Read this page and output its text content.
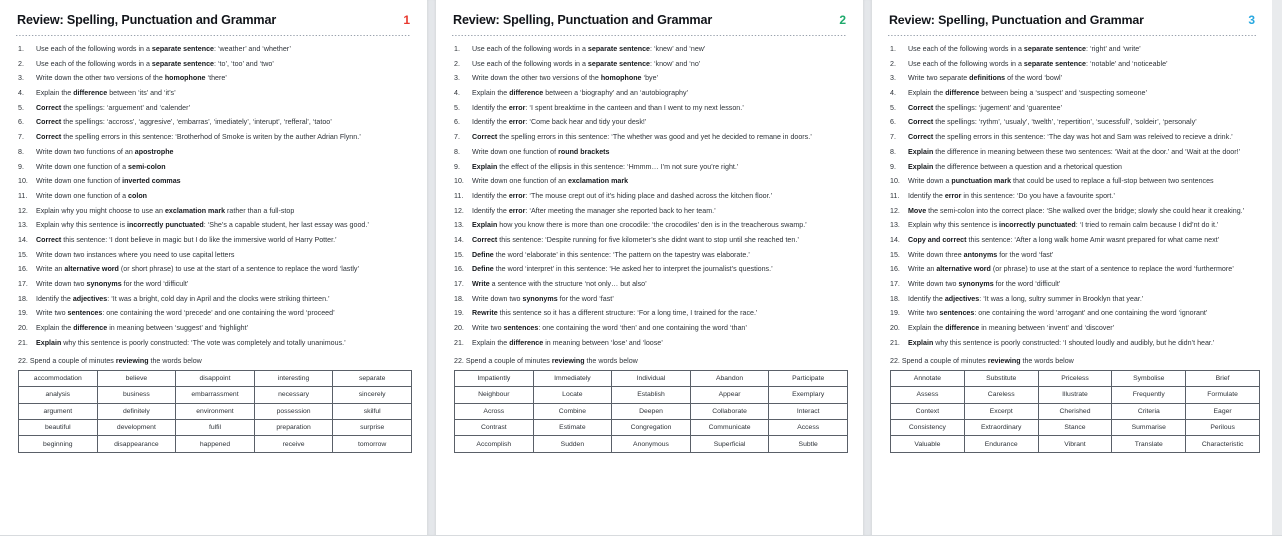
Review: Spelling, Punctuation and Grammar	1
1.	Use each of the following words in a separate sentence: ‘weather’ and ‘whether’
2.	Use each of the following words in a separate sentence: ‘to’, ‘too’ and ‘two’
3.	Write down the other two versions of the homophone ‘there’
4.	Explain the difference between ‘its’ and ‘it’s’
5.	Correct the spellings: ‘arguement’ and ‘calender’
6.	Correct the spellings: ‘accross’, ‘aggresive’, ‘embarras’, ‘imediately’, ‘interupt’, ‘refferal’, ‘tatoo’
7.	Correct the spelling errors in this sentence: ‘Brotherhod of Smoke is writen by the auther Adrian Flynn.’
8.	Write down two functions of an apostrophe
9.	Write down one function of a semi-colon
10.	Write down one function of inverted commas
11.	Write down one function of a colon
12.	Explain why you might choose to use an exclamation mark rather than a full-stop
13.	Explain why this sentence is incorrectly punctuated: ‘She’s a capable student, her last essay was good.’
14.	Correct this sentence: ‘I dont believe in magic but I do like the immersive world of Harry Potter.’
15.	Write down two instances where you need to use capital letters
16.	Write an alternative word (or short phrase) to use at the start of a sentence to replace the word ‘lastly’
17.	Write down two synonyms for the word ‘difficult’
18.	Identify the adjectives: ‘It was a bright, cold day in April and the clocks were striking thirteen.’
19.	Write two sentences: one containing the word ‘precede’ and one containing the word ‘proceed’
20.	Explain the difference in meaning between ‘suggest’ and ‘highlight’
21.	Explain why this sentence is poorly constructed: ‘The vote was completely and totally unanimous.’
22. Spend a couple of minutes reviewing the words below
accommodation	believe	disappoint	interesting	separate
analysis	business	embarrassment	necessary	sincerely
argument	definitely	environment	possession	skilful
beautiful	development	fulfil	preparation	surprise
beginning	disappearance	happened	receive	tomorrow
Review: Spelling, Punctuation and Grammar	2
1.	Use each of the following words in a separate sentence: ‘knew’ and ‘new’
2.	Use each of the following words in a separate sentence: ‘know’ and ‘no’
3.	Write down the other two versions of the homophone ‘bye’
4.	Explain the difference between a ‘biography’ and an ‘autobiography’
5.	Identify the error: ‘I spent breaktime in the canteen and than I went to my next lesson.’
6.	Identify the error: ‘Come back hear and tidy your desk!’
7.	Correct the spelling errors in this sentence: ‘The whether was good and yet he decided to remane in doors.’
8.	Write down one function of round brackets
9.	Explain the effect of the ellipsis in this sentence: ‘Hmmm… I’m not sure you’re right.’
10.	Write down one function of an exclamation mark
11.	Identify the error: ‘The mouse crept out of it’s hiding place and dashed across the kitchen floor.’
12.	Identify the error: ‘After meeting the manager she reported back to her team.’
13.	Explain how you know there is more than one crocodile: ‘the crocodiles’ den is in the treacherous swamp.’
14.	Correct this sentence: ‘Despite running for five kilometer’s she didnt want to stop until she reached ten.’
15.	Define the word ‘elaborate’ in this sentence: ‘The pattern on the tapestry was elaborate.’
16.	Define the word ‘interpret’ in this sentence: ‘He asked her to interpret the journalist’s questions.’
17.	Write a sentence with the structure ‘not only… but also’
18.	Write down two synonyms for the word ‘fast’
19.	Rewrite this sentence so it has a different structure: ‘For a long time, I trained for the race.’
20.	Write two sentences: one containing the word ‘then’ and one containing the word ‘than’
21.	Explain the difference in meaning between ‘lose’ and ‘loose’
22. Spend a couple of minutes reviewing the words below
Impatiently	Immediately	Individual	Abandon	Participate
Neighbour	Locate	Establish	Appear	Exemplary
Across	Combine	Deepen	Collaborate	Interact
Contrast	Estimate	Congregation	Communicate	Access
Accomplish	Sudden	Anonymous	Superficial	Subtle
Review: Spelling, Punctuation and Grammar	3
1.	Use each of the following words in a separate sentence: ‘right’ and ‘write’
2.	Use each of the following words in a separate sentence: ‘notable’ and ‘noticeable’
3.	Write two separate definitions of the word ‘bowl’
4.	Explain the difference between being a ‘suspect’ and ‘suspecting someone’
5.	Correct the spellings: ‘jugement’ and ‘guarentee’
6.	Correct the spellings: ‘rythm’, ‘usualy’, ‘twelth’, ‘repertition’, ‘sucessfull’, ‘soldeir’, ‘personaly’
7.	Correct the spelling errors in this sentence: ‘The day was hot and Sam was releived to recieve a drink.’
8.	Explain the difference in meaning between these two sentences: ‘Wait at the door.’ and ‘Wait at the door!’
9.	Explain the difference between a question and a rhetorical question
10.	Write down a punctuation mark that could be used to replace a full-stop between two sentences
11.	Identify the error in this sentence: ‘Do you have a favourite sport.’
12.	Move the semi-colon into the correct place: ‘She walked over the bridge; slowly she could hear it creaking.’
13.	Explain why this sentence is incorrectly punctuated: ‘I tried to remain calm because I did’nt do it.’
14.	Copy and correct this sentence: ‘After a long walk home Amir wasnt prepared for what came next’
15.	Write down three antonyms for the word ‘fast’
16.	Write an alternative word (or phrase) to use at the start of a sentence to replace the word ‘furthermore’
17.	Write down two synonyms for the word ‘difficult’
18.	Identify the adjectives: ‘It was a long, sultry summer in Brooklyn that year.’
19.	Write two sentences: one containing the word ‘arrogant’ and one containing the word ‘ignorant’
20.	Explain the difference in meaning between ‘invent’ and ‘discover’
21.	Explain why this sentence is poorly constructed: ‘I shouted loudly and audibly, but he didn’t hear.’
22. Spend a couple of minutes reviewing the words below
Annotate	Substitute	Priceless	Symbolise	Brief
Assess	Careless	Illustrate	Frequently	Formulate
Context	Excerpt	Cherished	Criteria	Eager
Consistency	Extraordinary	Stance	Summarise	Perilous
Valuable	Endurance	Vibrant	Translate	Characteristic
